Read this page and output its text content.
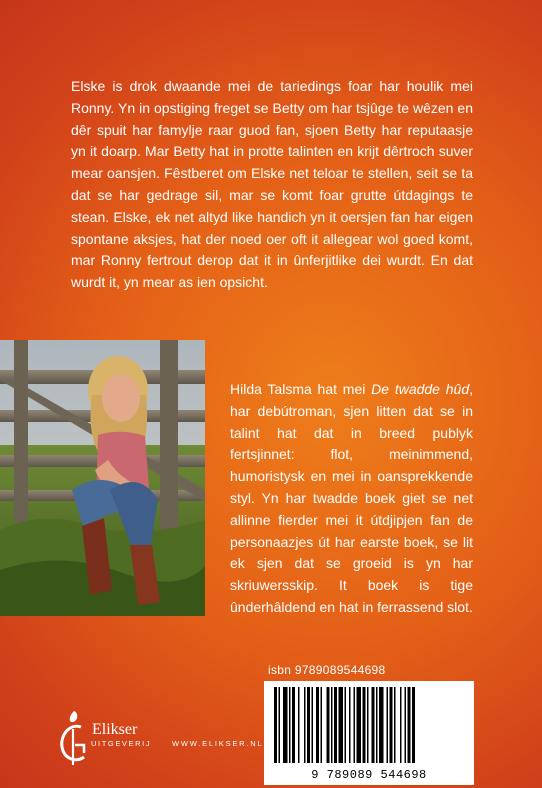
Elske is drok dwaande mei de tariedings foar har houlik mei Ronny. Yn in opstiging freget se Betty om har tsjûge te wêzen en dêr spuit har famylje raar guod fan, sjoen Betty har reputaasje yn it doarp. Mar Betty hat in protte talinten en krijt dêrtroch suver mear oansjen. Fêstberet om Elske net teloar te stellen, seit se ta dat se har gedrage sil, mar se komt foar grutte útdagings te stean. Elske, ek net altyd like handich yn it oersjen fan har eigen spontane aksjes, hat der noed oer oft it allegear wol goed komt, mar Ronny fertrout derop dat it in ûnferjitlike dei wurdt. En dat wurdt it, yn mear as ien opsicht.

Hilda Talsma hat mei De twadde hûd, har debútroman, sjen litten dat se in talint hat dat in breed publyk fertsjinnet: flot, meinimmend, humoristysk en mei in oansprekkende styl. Yn har twadde boek giet se net allinne fierder mei it útdjipjen fan de personaazjes út har earste boek, se lit ek sjen dat se groeid is yn har skriuwersskip. It boek is tige ûnderhâldend en hat in ferrassend slot.

isbn 9789089544698
9 789089 544698
Elikser
UITGEVERIJ	WWW.ELIKSER.NL
